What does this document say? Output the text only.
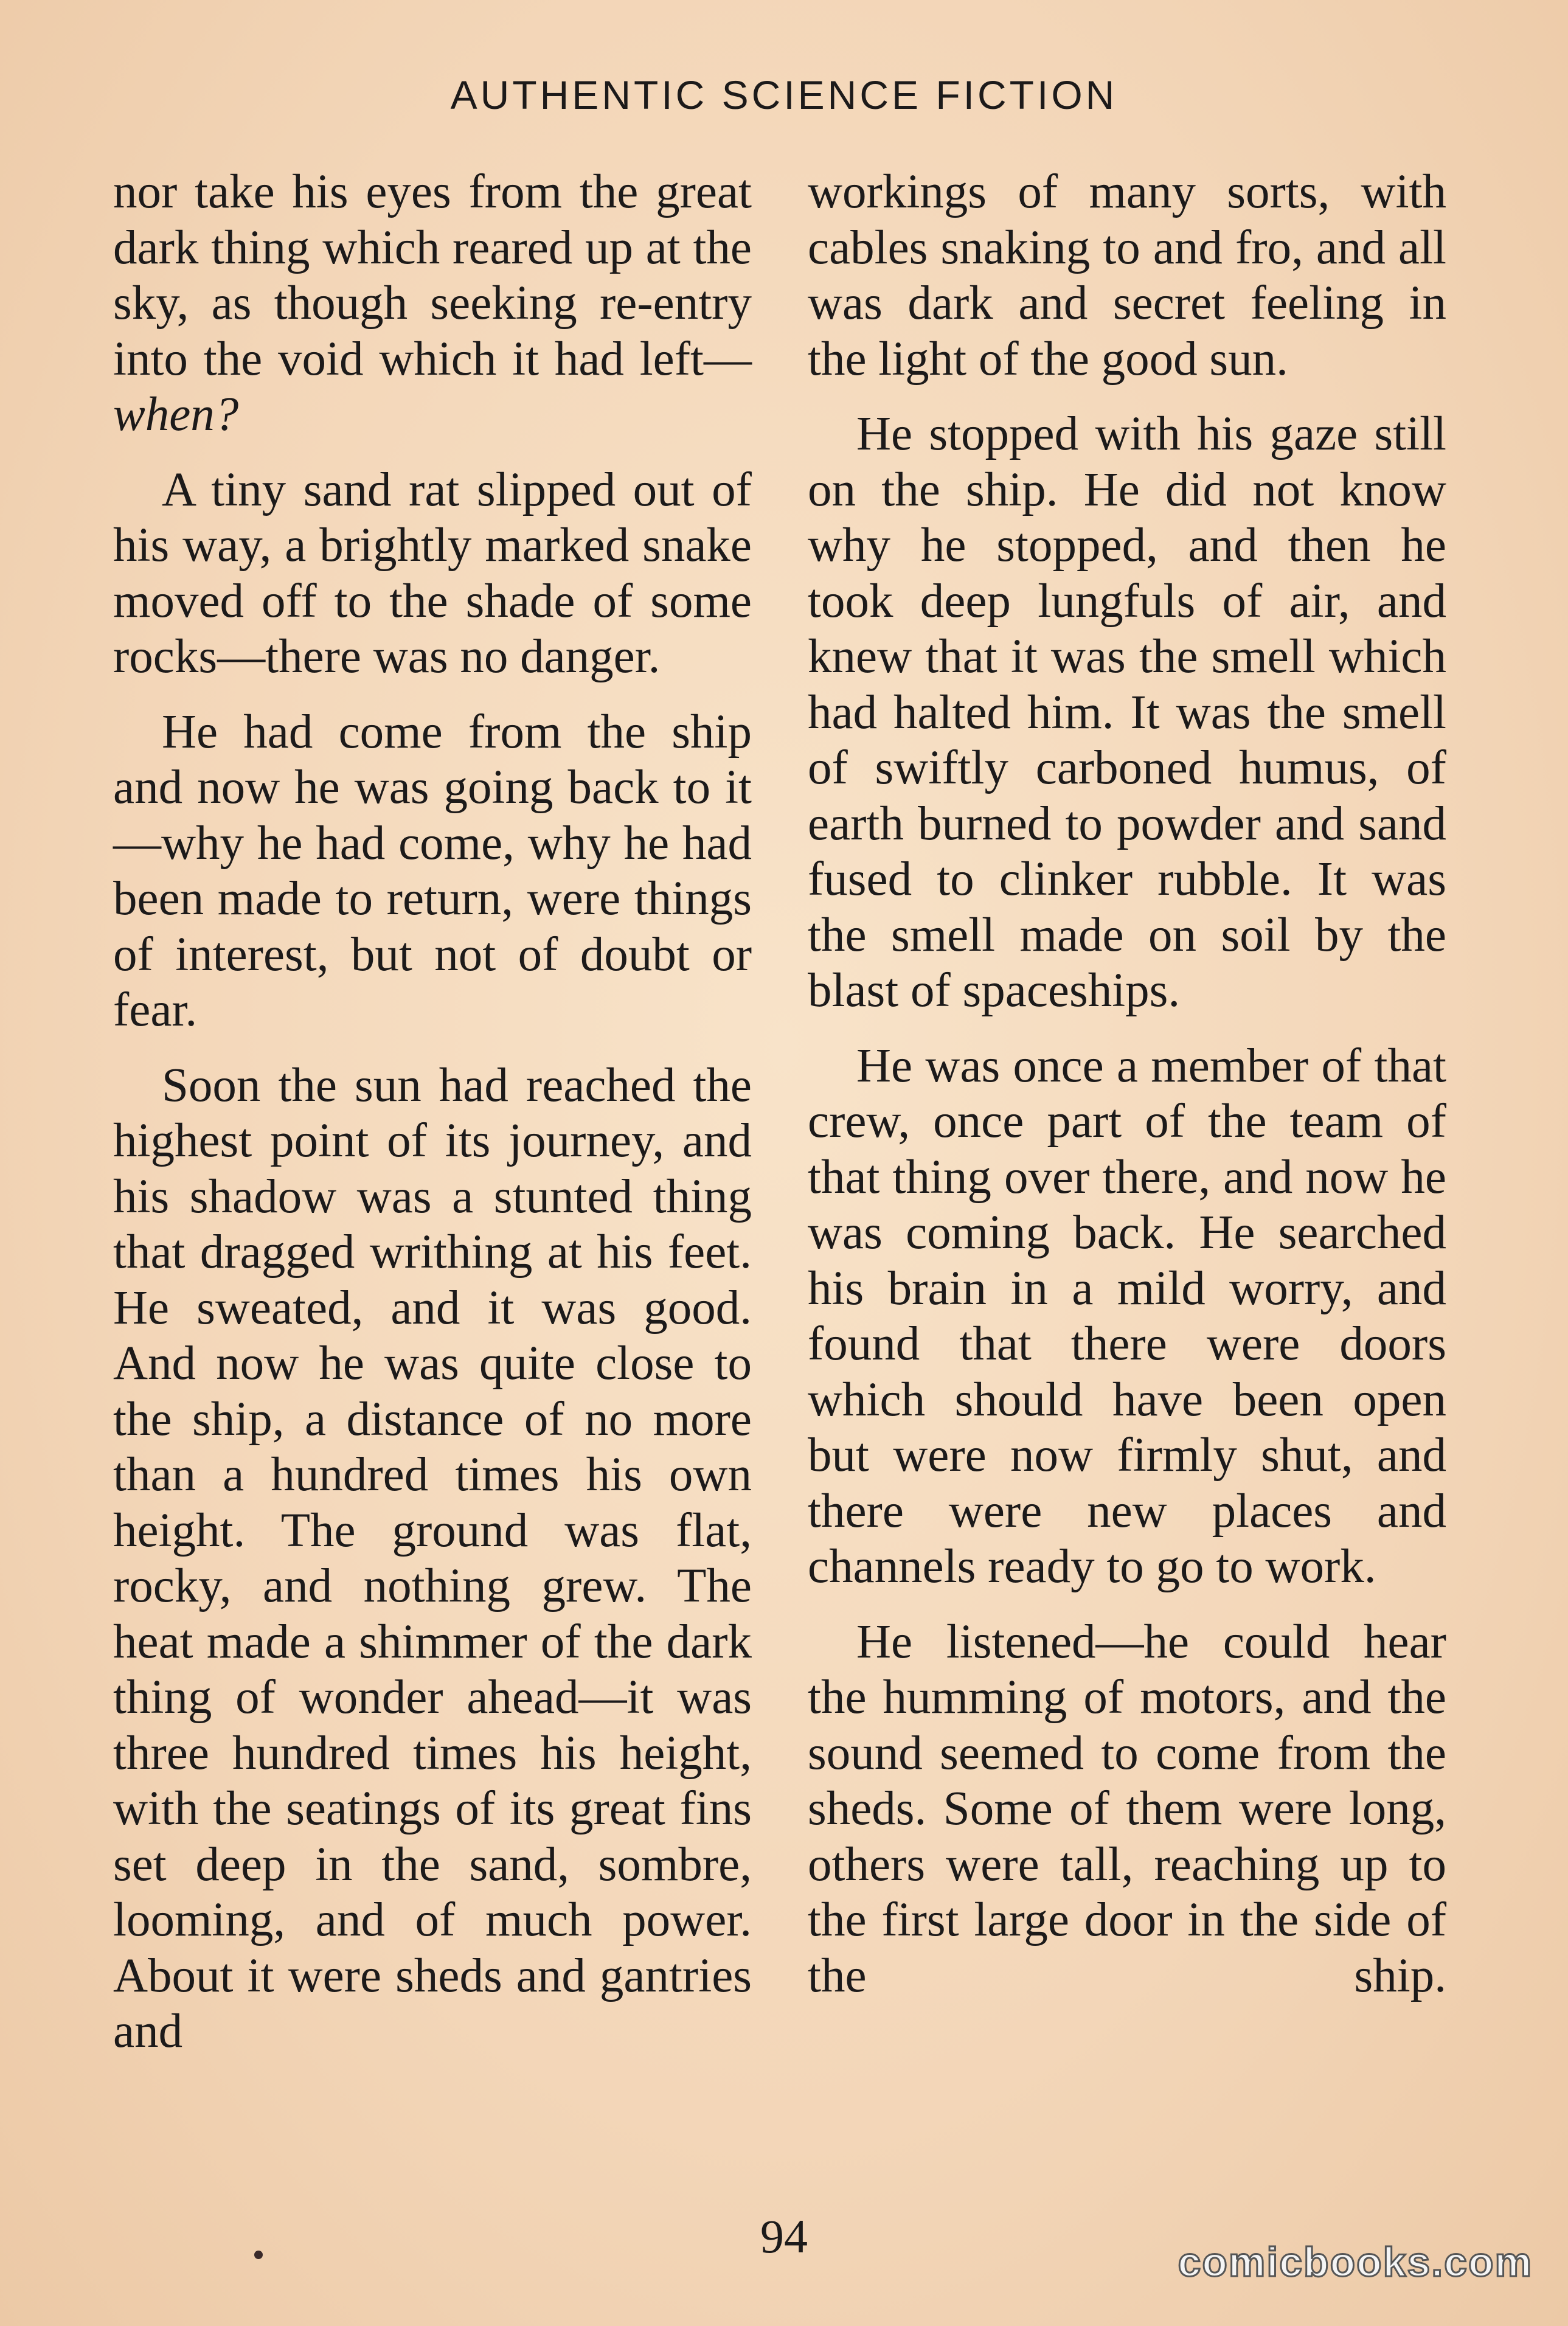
AUTHENTIC SCIENCE FICTION

nor take his eyes from the great dark thing which reared up at the sky, as though seeking re-entry into the void which it had left—when?

A tiny sand rat slipped out of his way, a brightly marked snake moved off to the shade of some rocks—there was no danger.

He had come from the ship and now he was going back to it—why he had come, why he had been made to return, were things of interest, but not of doubt or fear.

Soon the sun had reached the highest point of its journey, and his shadow was a stunted thing that dragged writhing at his feet. He sweated, and it was good. And now he was quite close to the ship, a distance of no more than a hundred times his own height. The ground was flat, rocky, and nothing grew. The heat made a shimmer of the dark thing of wonder ahead—it was three hundred times his height, with the seatings of its great fins set deep in the sand, sombre, looming, and of much power. About it were sheds and gantries and

workings of many sorts, with cables snaking to and fro, and all was dark and secret feeling in the light of the good sun.

He stopped with his gaze still on the ship. He did not know why he stopped, and then he took deep lungfuls of air, and knew that it was the smell which had halted him. It was the smell of swiftly carboned humus, of earth burned to powder and sand fused to clinker rubble. It was the smell made on soil by the blast of spaceships.

He was once a member of that crew, once part of the team of that thing over there, and now he was coming back. He searched his brain in a mild worry, and found that there were doors which should have been open but were now firmly shut, and there were new places and channels ready to go to work.

He listened—he could hear the humming of motors, and the sound seemed to come from the sheds. Some of them were long, others were tall, reaching up to the first large door in the side of the ship.

94	comicbooks.com
